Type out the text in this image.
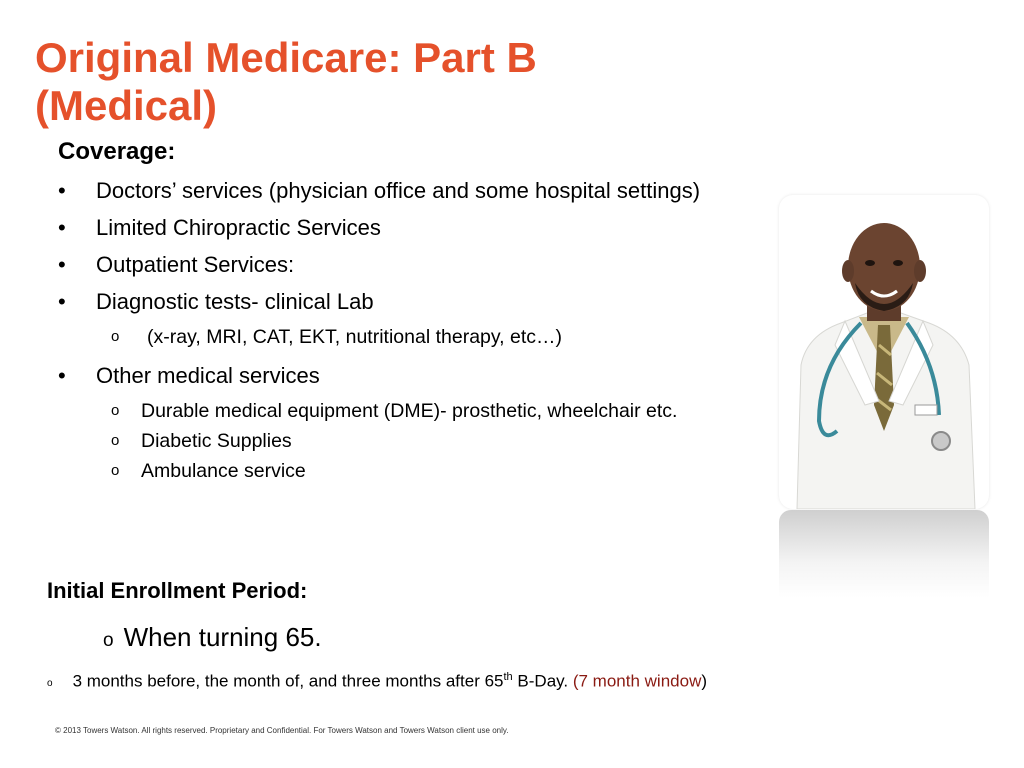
Original Medicare: Part B
(Medical)
Coverage:
• Doctors’ services (physician office and some hospital settings)
• Limited Chiropractic Services
• Outpatient Services:
• Diagnostic tests- clinical Lab
o (x-ray, MRI, CAT, EKT, nutritional therapy, etc…)
• Other medical services
o Durable medical equipment (DME)- prosthetic, wheelchair etc.
o Diabetic Supplies
o Ambulance service
Initial Enrollment Period:
o When turning 65.
o 3 months before, the month of, and three months after 65th B-Day. (7 month window)
© 2013 Towers Watson. All rights reserved. Proprietary and Confidential. For Towers Watson and Towers Watson client use only.
